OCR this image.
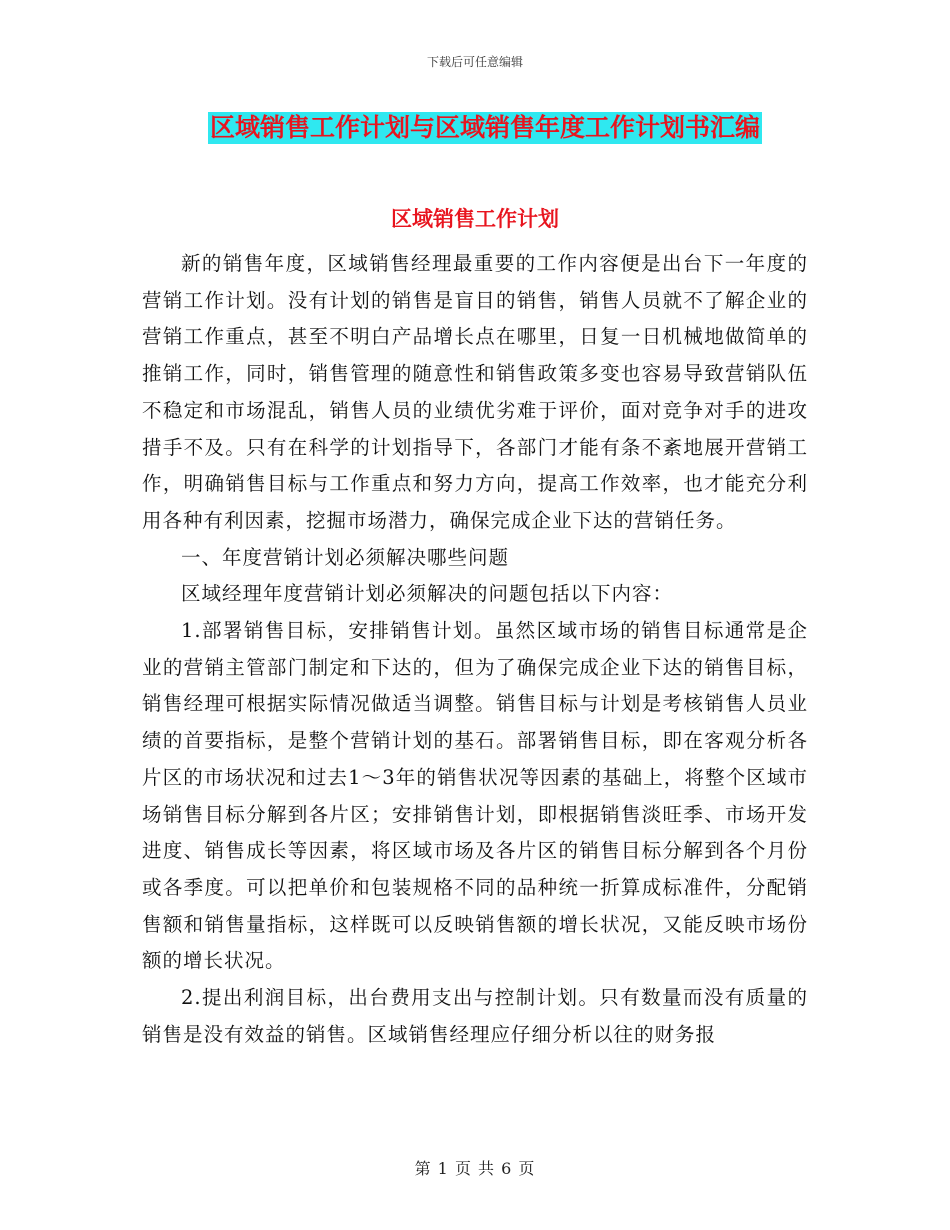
下载后可任意编辑
区域销售工作计划与区域销售年度工作计划书汇编
区域销售工作计划

新的销售年度，区域销售经理最重要的工作内容便是出台下一年度的营销工作计划。没有计划的销售是盲目的销售，销售人员就不了解企业的营销工作重点，甚至不明白产品增长点在哪里，日复一日机械地做简单的推销工作，同时，销售管理的随意性和销售政策多变也容易导致营销队伍不稳定和市场混乱，销售人员的业绩优劣难于评价，面对竞争对手的进攻措手不及。只有在科学的计划指导下，各部门才能有条不紊地展开营销工作，明确销售目标与工作重点和努力方向，提高工作效率，也才能充分利用各种有利因素，挖掘市场潜力，确保完成企业下达的营销任务。

一、年度营销计划必须解决哪些问题

区域经理年度营销计划必须解决的问题包括以下内容：

1.部署销售目标，安排销售计划。虽然区域市场的销售目标通常是企业的营销主管部门制定和下达的，但为了确保完成企业下达的销售目标，销售经理可根据实际情况做适当调整。销售目标与计划是考核销售人员业绩的首要指标，是整个营销计划的基石。部署销售目标，即在客观分析各片区的市场状况和过去1～3年的销售状况等因素的基础上，将整个区域市场销售目标分解到各片区；安排销售计划，即根据销售淡旺季、市场开发进度、销售成长等因素，将区域市场及各片区的销售目标分解到各个月份或各季度。可以把单价和包装规格不同的品种统一折算成标准件，分配销售额和销售量指标，这样既可以反映销售额的增长状况，又能反映市场份额的增长状况。

2.提出利润目标，出台费用支出与控制计划。只有数量而没有质量的销售是没有效益的销售。区域销售经理应仔细分析以往的财务报

第 1 页 共 6 页
